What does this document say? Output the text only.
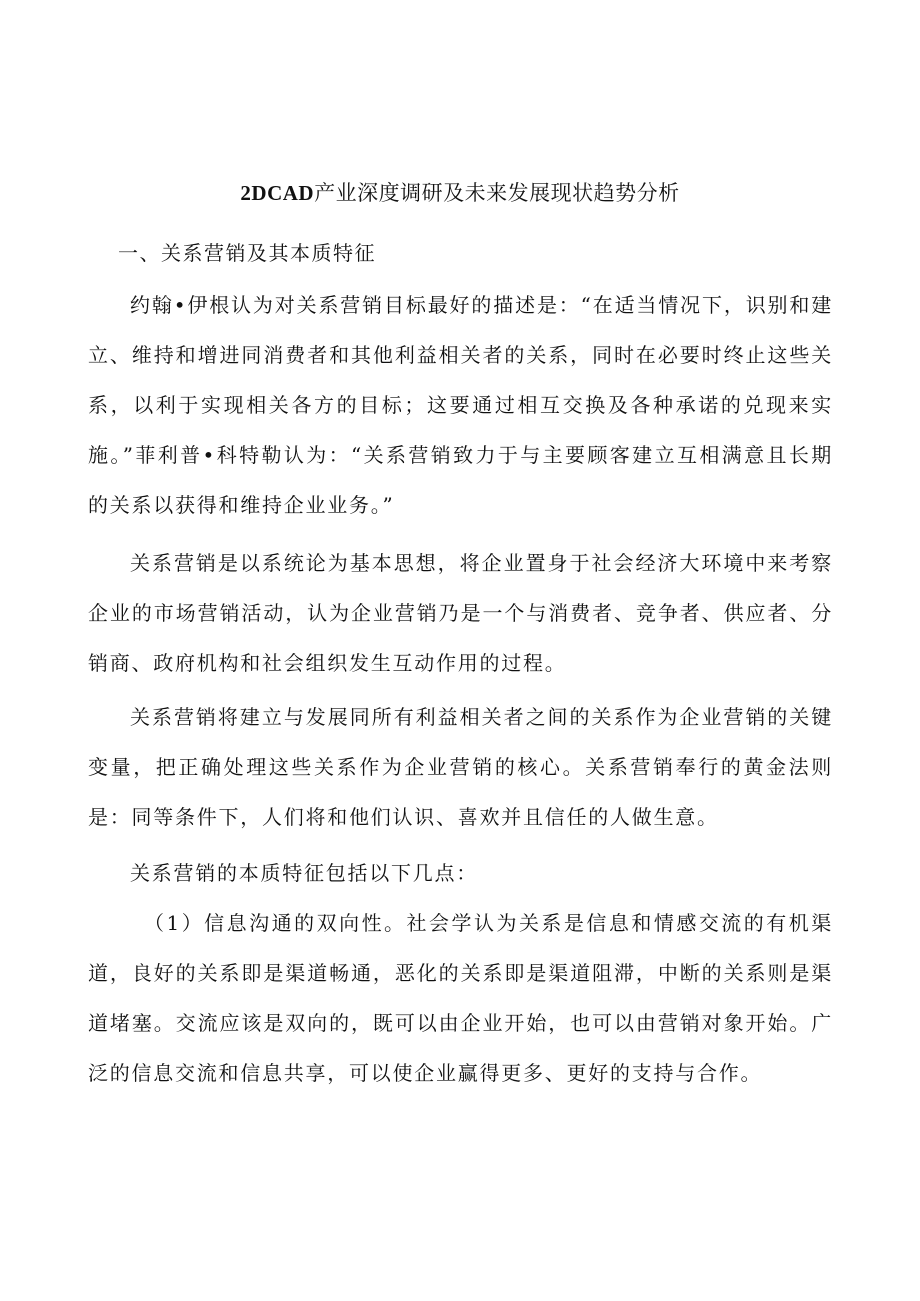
2DCAD产业深度调研及未来发展现状趋势分析
一、关系营销及其本质特征

约翰•伊根认为对关系营销目标最好的描述是：“在适当情况下，识别和建立、维持和增进同消费者和其他利益相关者的关系，同时在必要时终止这些关系，以利于实现相关各方的目标；这要通过相互交换及各种承诺的兑现来实施。”菲利普•科特勒认为：“关系营销致力于与主要顾客建立互相满意且长期的关系以获得和维持企业业务。”

关系营销是以系统论为基本思想，将企业置身于社会经济大环境中来考察企业的市场营销活动，认为企业营销乃是一个与消费者、竞争者、供应者、分销商、政府机构和社会组织发生互动作用的过程。

关系营销将建立与发展同所有利益相关者之间的关系作为企业营销的关键变量，把正确处理这些关系作为企业营销的核心。关系营销奉行的黄金法则是：同等条件下，人们将和他们认识、喜欢并且信任的人做生意。

关系营销的本质特征包括以下几点：

（1）信息沟通的双向性。社会学认为关系是信息和情感交流的有机渠道，良好的关系即是渠道畅通，恶化的关系即是渠道阻滞，中断的关系则是渠道堵塞。交流应该是双向的，既可以由企业开始，也可以由营销对象开始。广泛的信息交流和信息共享，可以使企业赢得更多、更好的支持与合作。
